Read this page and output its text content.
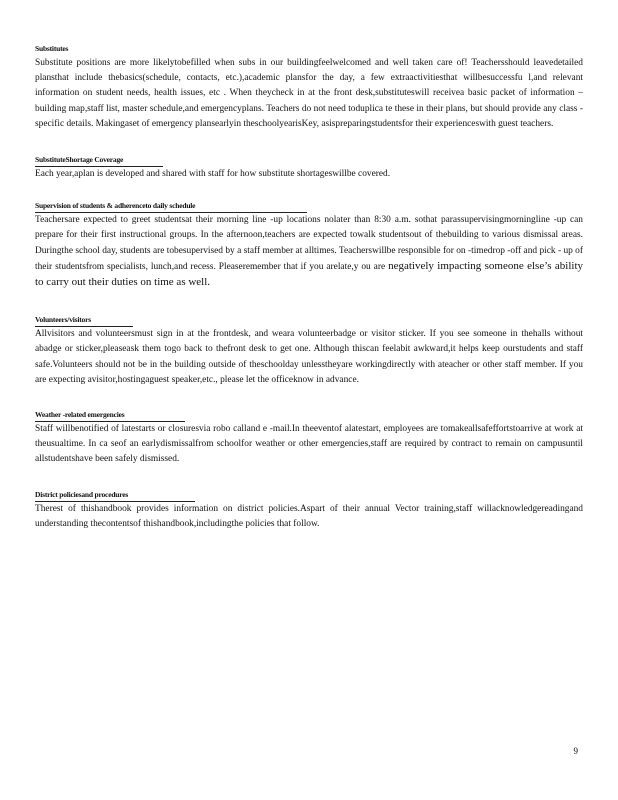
Substitutes

Substitute positions are more likelytobefilled when subs in our buildingfeelwelcomed and well taken care of! Teachersshould leavedetailed plansthat include thebasics(schedule, contacts, etc.),academic plansfor the day, a few extraactivitiesthat willbesuccessfu l,and relevant information on student needs, health issues, etc . When theycheck in at the front desk,substituteswill receivea basic packet of information –building map,staff list, master schedule,and emergencyplans. Teachers do not need toduplica te these in their plans, but should provide any class -specific details. Makingaset of emergency plansearlyin theschoolyearisKey, asispreparingstudentsfor their experienceswith guest teachers.

SubstituteShortage Coverage

Each year,aplan is developed and shared with staff for how substitute shortageswillbe covered.

Supervision of students & adherenceto daily schedule

Teachersare expected to greet studentsat their morning line -up locations nolater than 8:30 a.m. sothat parassupervisingmorningline -up can prepare for their first instructional groups. In the afternoon,teachers are expected towalk studentsout of thebuilding to various dismissal areas. Duringthe school day, students are tobesupervised by a staff member at alltimes. Teacherswillbe responsible for on -timedrop -off and pick - up of their studentsfrom specialists, lunch,and recess. Pleaseremember that if you arelate,y ou are negatively impacting someone else’s ability to carry out their duties on time as well.

Volunteers/visitors

Allvisitors and volunteersmust sign in at the frontdesk, and weara volunteerbadge or visitor sticker. If you see someone in thehalls without abadge or sticker,pleaseask them togo back to thefront desk to get one. Although thiscan feelabit awkward,it helps keep ourstudents and staff safe.Volunteers should not be in the building outside of theschoolday unlesstheyare workingdirectly with ateacher or other staff member. If you are expecting avisitor,hostingaguest speaker,etc., please let the officeknow in advance.

Weather -related emergencies

Staff willbenotified of latestarts or closuresvia robo calland e -mail.In theeventof alatestart, employees are tomakeallsafeffortstoarrive at work at theusualtime. In ca seof an earlydismissalfrom schoolfor weather or other emergencies,staff are required by contract to remain on campusuntil allstudentshave been safely dismissed.

District policiesand procedures

Therest of thishandbook provides information on district policies.Aspart of their annual Vector training,staff willacknowledgereadingand understanding thecontentsof thishandbook,includingthe policies that follow.

9
